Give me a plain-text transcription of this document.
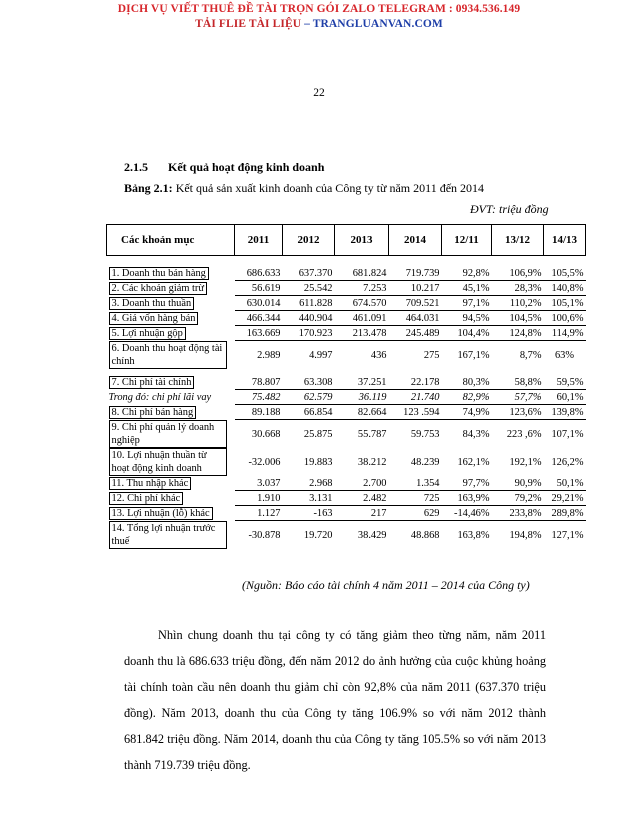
DỊCH VỤ VIẾT THUÊ ĐỀ TÀI TRỌN GÓI ZALO TELEGRAM : 0934.536.149
TẢI FLIE TÀI LIỆU – TRANGLUANVAN.COM
22
2.1.5 Kết quả hoạt động kinh doanh
Bảng 2.1: Kết quả sản xuất kinh doanh của Công ty từ năm 2011 đến 2014
ĐVT: triệu đồng
Các khoản mục	2011	2012	2013	2014	12/11	13/12	14/13

1. Doanh thu bán hàng	686.633	637.370	681.824	719.739	92,8%	106,9%	105,5%
2. Các khoản giảm trừ	56.619	25.542	7.253	10.217	45,1%	28,3%	140,8%
3. Doanh thu thuần	630.014	611.828	674.570	709.521	97,1%	110,2%	105,1%
4. Giá vốn hàng bán	466.344	440.904	461.091	464.031	94,5%	104,5%	100,6%
5. Lợi nhuận gộp	163.669	170.923	213.478	245.489	104,4%	124,8%	114,9%
6. Doanh thu hoạt động tài chính	2.989	4.997	436	275	167,1%	8,7%	63%
7. Chi phí tài chính	78.807	63.308	37.251	22.178	80,3%	58,8%	59,5%
Trong đó: chi phí lãi vay	75.482	62.579	36.119	21.740	82,9%	57,7%	60,1%
8. Chi phí bán hàng	89.188	66.854	82.664	123 .594	74,9%	123,6%	139,8%
9. Chi phí quản lý doanh nghiệp	30.668	25.875	55.787	59.753	84,3%	223 ,6%	107,1%
10. Lợi nhuận thuần từ hoạt động kinh doanh	-32.006	19.883	38.212	48.239	162,1%	192,1%	126,2%
11. Thu nhập khác	3.037	2.968	2.700	1.354	97,7%	90,9%	50,1%
12. Chi phí khác	1.910	3.131	2.482	725	163,9%	79,2%	29,21%
13. Lợi nhuận (lỗ) khác	1.127	-163	217	629	-14,46%	233,8%	289,8%
14. Tổng lợi nhuận trước thuế	-30.878	19.720	38.429	48.868	163,8%	194,8%	127,1%
(Nguồn: Báo cáo tài chính 4 năm 2011 – 2014 của Công ty)

Nhìn chung doanh thu tại công ty có tăng giảm theo từng năm, năm 2011 doanh thu là 686.633 triệu đồng, đến năm 2012 do ảnh hưởng của cuộc khủng hoảng tài chính toàn cầu nên doanh thu giảm chỉ còn 92,8% của năm 2011 (637.370 triệu đồng). Năm 2013, doanh thu của Công ty tăng 106.9% so với năm 2012 thành 681.842 triệu đồng. Năm 2014, doanh thu của Công ty tăng 105.5% so với năm 2013 thành 719.739 triệu đồng.
